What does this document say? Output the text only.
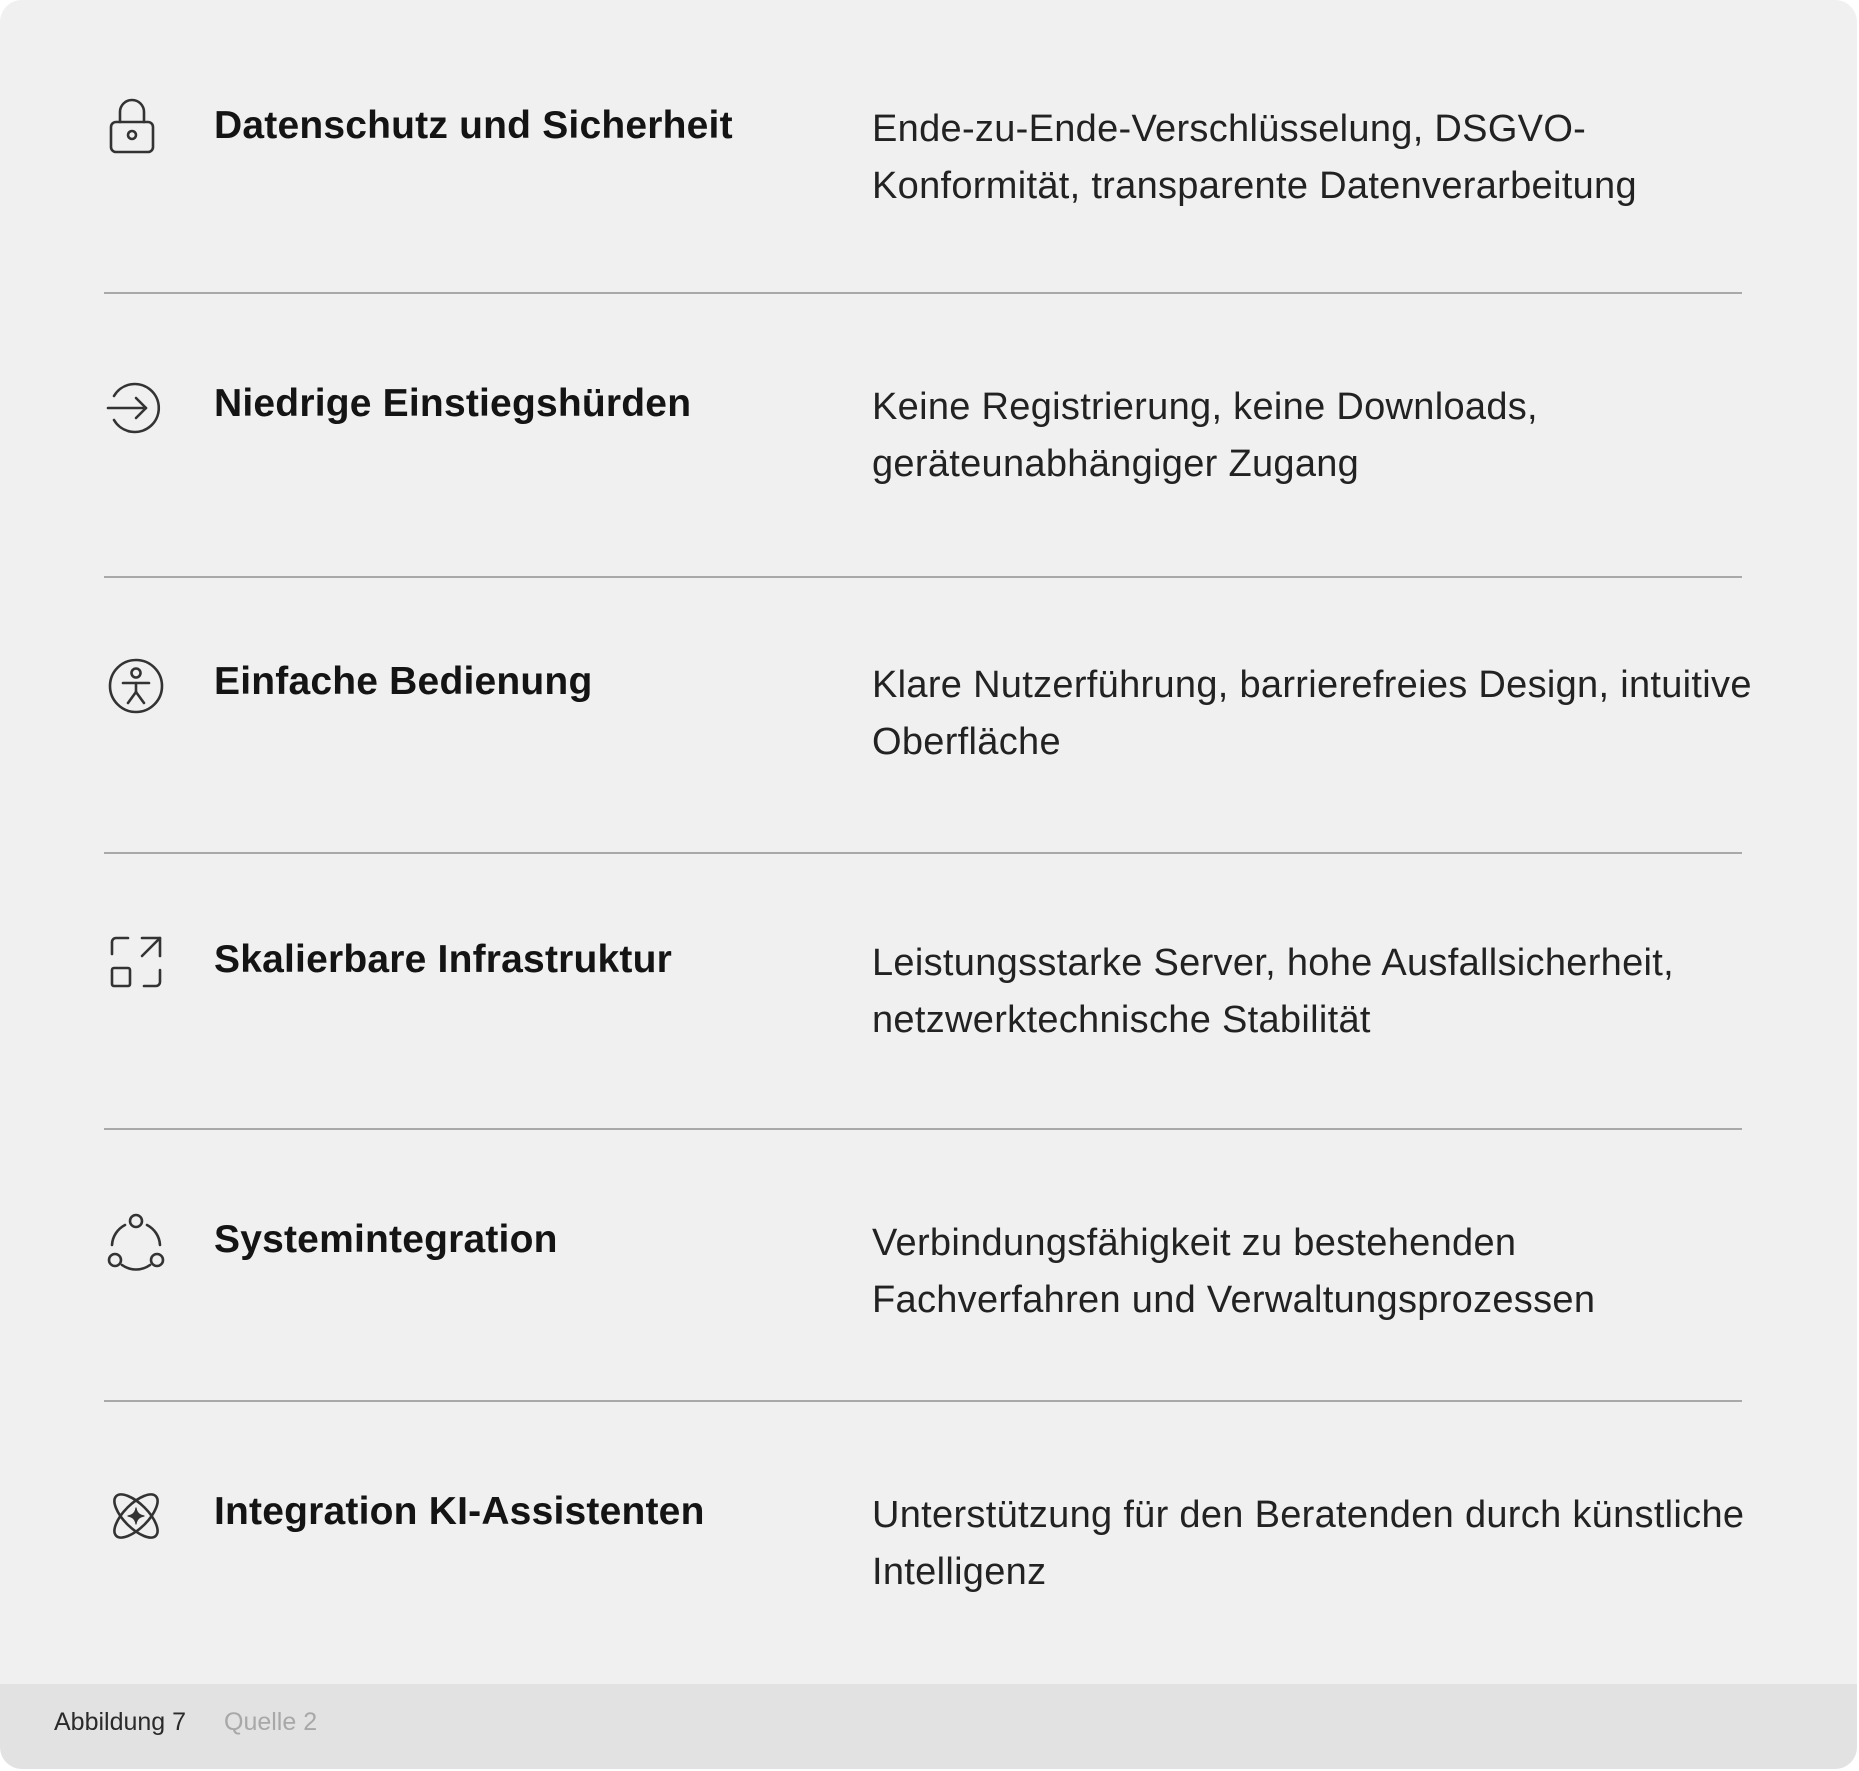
Datenschutz und Sicherheit	Ende-zu-Ende-Verschlüsselung, DSGVO-Konformität, transparente Datenverarbeitung
Niedrige Einstiegshürden	Keine Registrierung, keine Downloads, geräteunabhängiger Zugang
Einfache Bedienung	Klare Nutzerführung, barrierefreies Design, intuitive Oberfläche
Skalierbare Infrastruktur	Leistungsstarke Server, hohe Ausfallsicherheit, netzwerktechnische Stabilität
Systemintegration	Verbindungsfähigkeit zu bestehenden Fachverfahren und Verwaltungsprozessen
Integration KI-Assistenten	Unterstützung für den Beratenden durch künstliche Intelligenz
Abbildung 7 Quelle 2
